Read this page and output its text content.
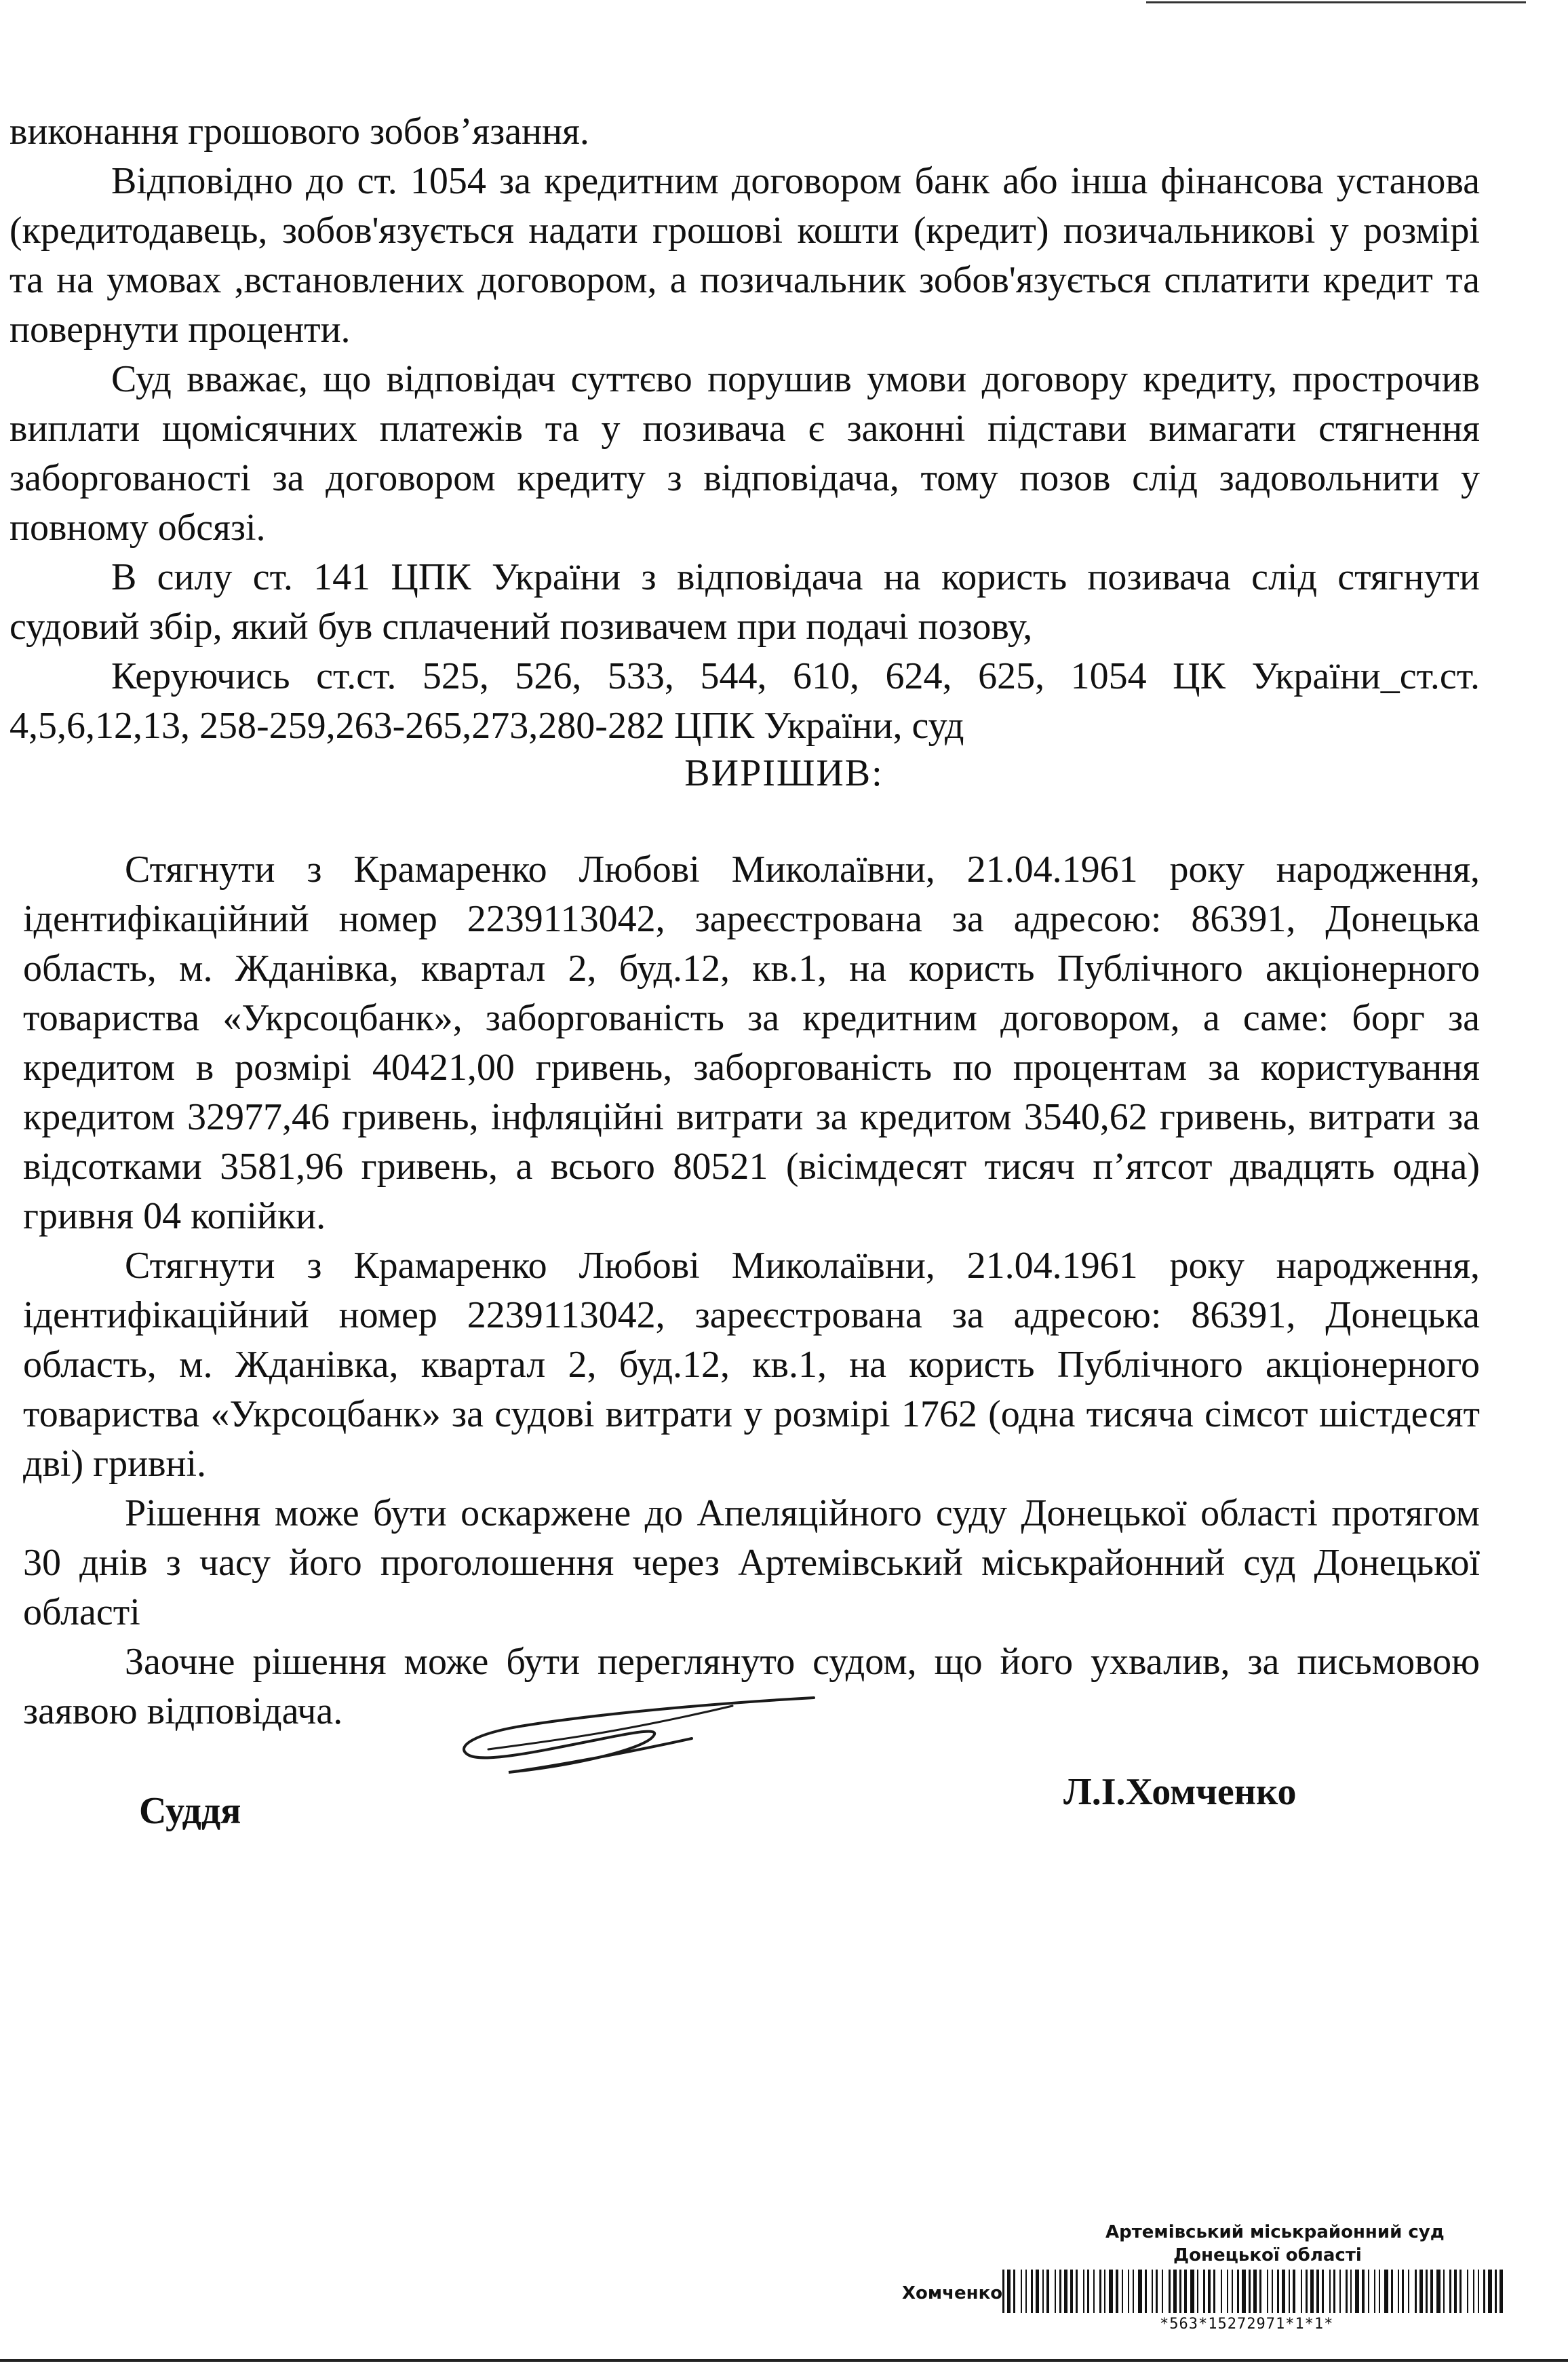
виконання грошового зобов’язання.

Відповідно до ст. 1054 за кредитним договором банк або інша фінансова установа (кредитодавець, зобов'язується надати грошові кошти (кредит) позичальникові у розмірі та на умовах ,встановлених договором, а позичальник зобов'язується сплатити кредит та повернути проценти.

Суд вважає, що відповідач суттєво порушив умови договору кредиту, прострочив виплати щомісячних платежів та у позивача є законні підстави вимагати стягнення заборгованості за договором кредиту з відповідача, тому позов слід задовольнити у повному обсязі.

В силу ст. 141 ЦПК України з відповідача на користь позивача слід стягнути судовий збір, який був сплачений позивачем при подачі позову,

Керуючись ст.ст. 525, 526, 533, 544, 610, 624, 625, 1054 ЦК України_ст.ст. 4,5,6,12,13, 258-259,263-265,273,280-282 ЦПК України, суд

ВИРІШИВ:

Стягнути з Крамаренко Любові Миколаївни, 21.04.1961 року народження, ідентифікаційний номер 2239113042, зареєстрована за адресою: 86391, Донецька область, м. Жданівка, квартал 2, буд.12, кв.1, на користь Публічного акціонерного товариства «Укрсоцбанк», заборгованість за кредитним договором, а саме: борг за кредитом в розмірі 40421,00 гривень, заборгованість по процентам за користування кредитом 32977,46 гривень, інфляційні витрати за кредитом 3540,62 гривень, витрати за відсотками 3581,96 гривень, а всього 80521 (вісімдесят тисяч п’ятсот двадцять одна) гривня 04 копійки.

Стягнути з Крамаренко Любові Миколаївни, 21.04.1961 року народження, ідентифікаційний номер 2239113042, зареєстрована за адресою: 86391, Донецька область, м. Жданівка, квартал 2, буд.12, кв.1, на користь Публічного акціонерного товариства «Укрсоцбанк» за судові витрати у розмірі 1762 (одна тисяча сімсот шістдесят дві) гривні.

Рішення може бути оскаржене до Апеляційного суду Донецької області протягом 30 днів з часу його проголошення через Артемівський міськрайонний суд Донецької області

Заочне рішення може бути переглянуто судом, що його ухвалив, за письмовою заявою відповідача.

Суддя	Л.І.Хомченко
Артемівський міськрайонний суд
Донецької області
Хомченко
*563*15272971*1*1*
